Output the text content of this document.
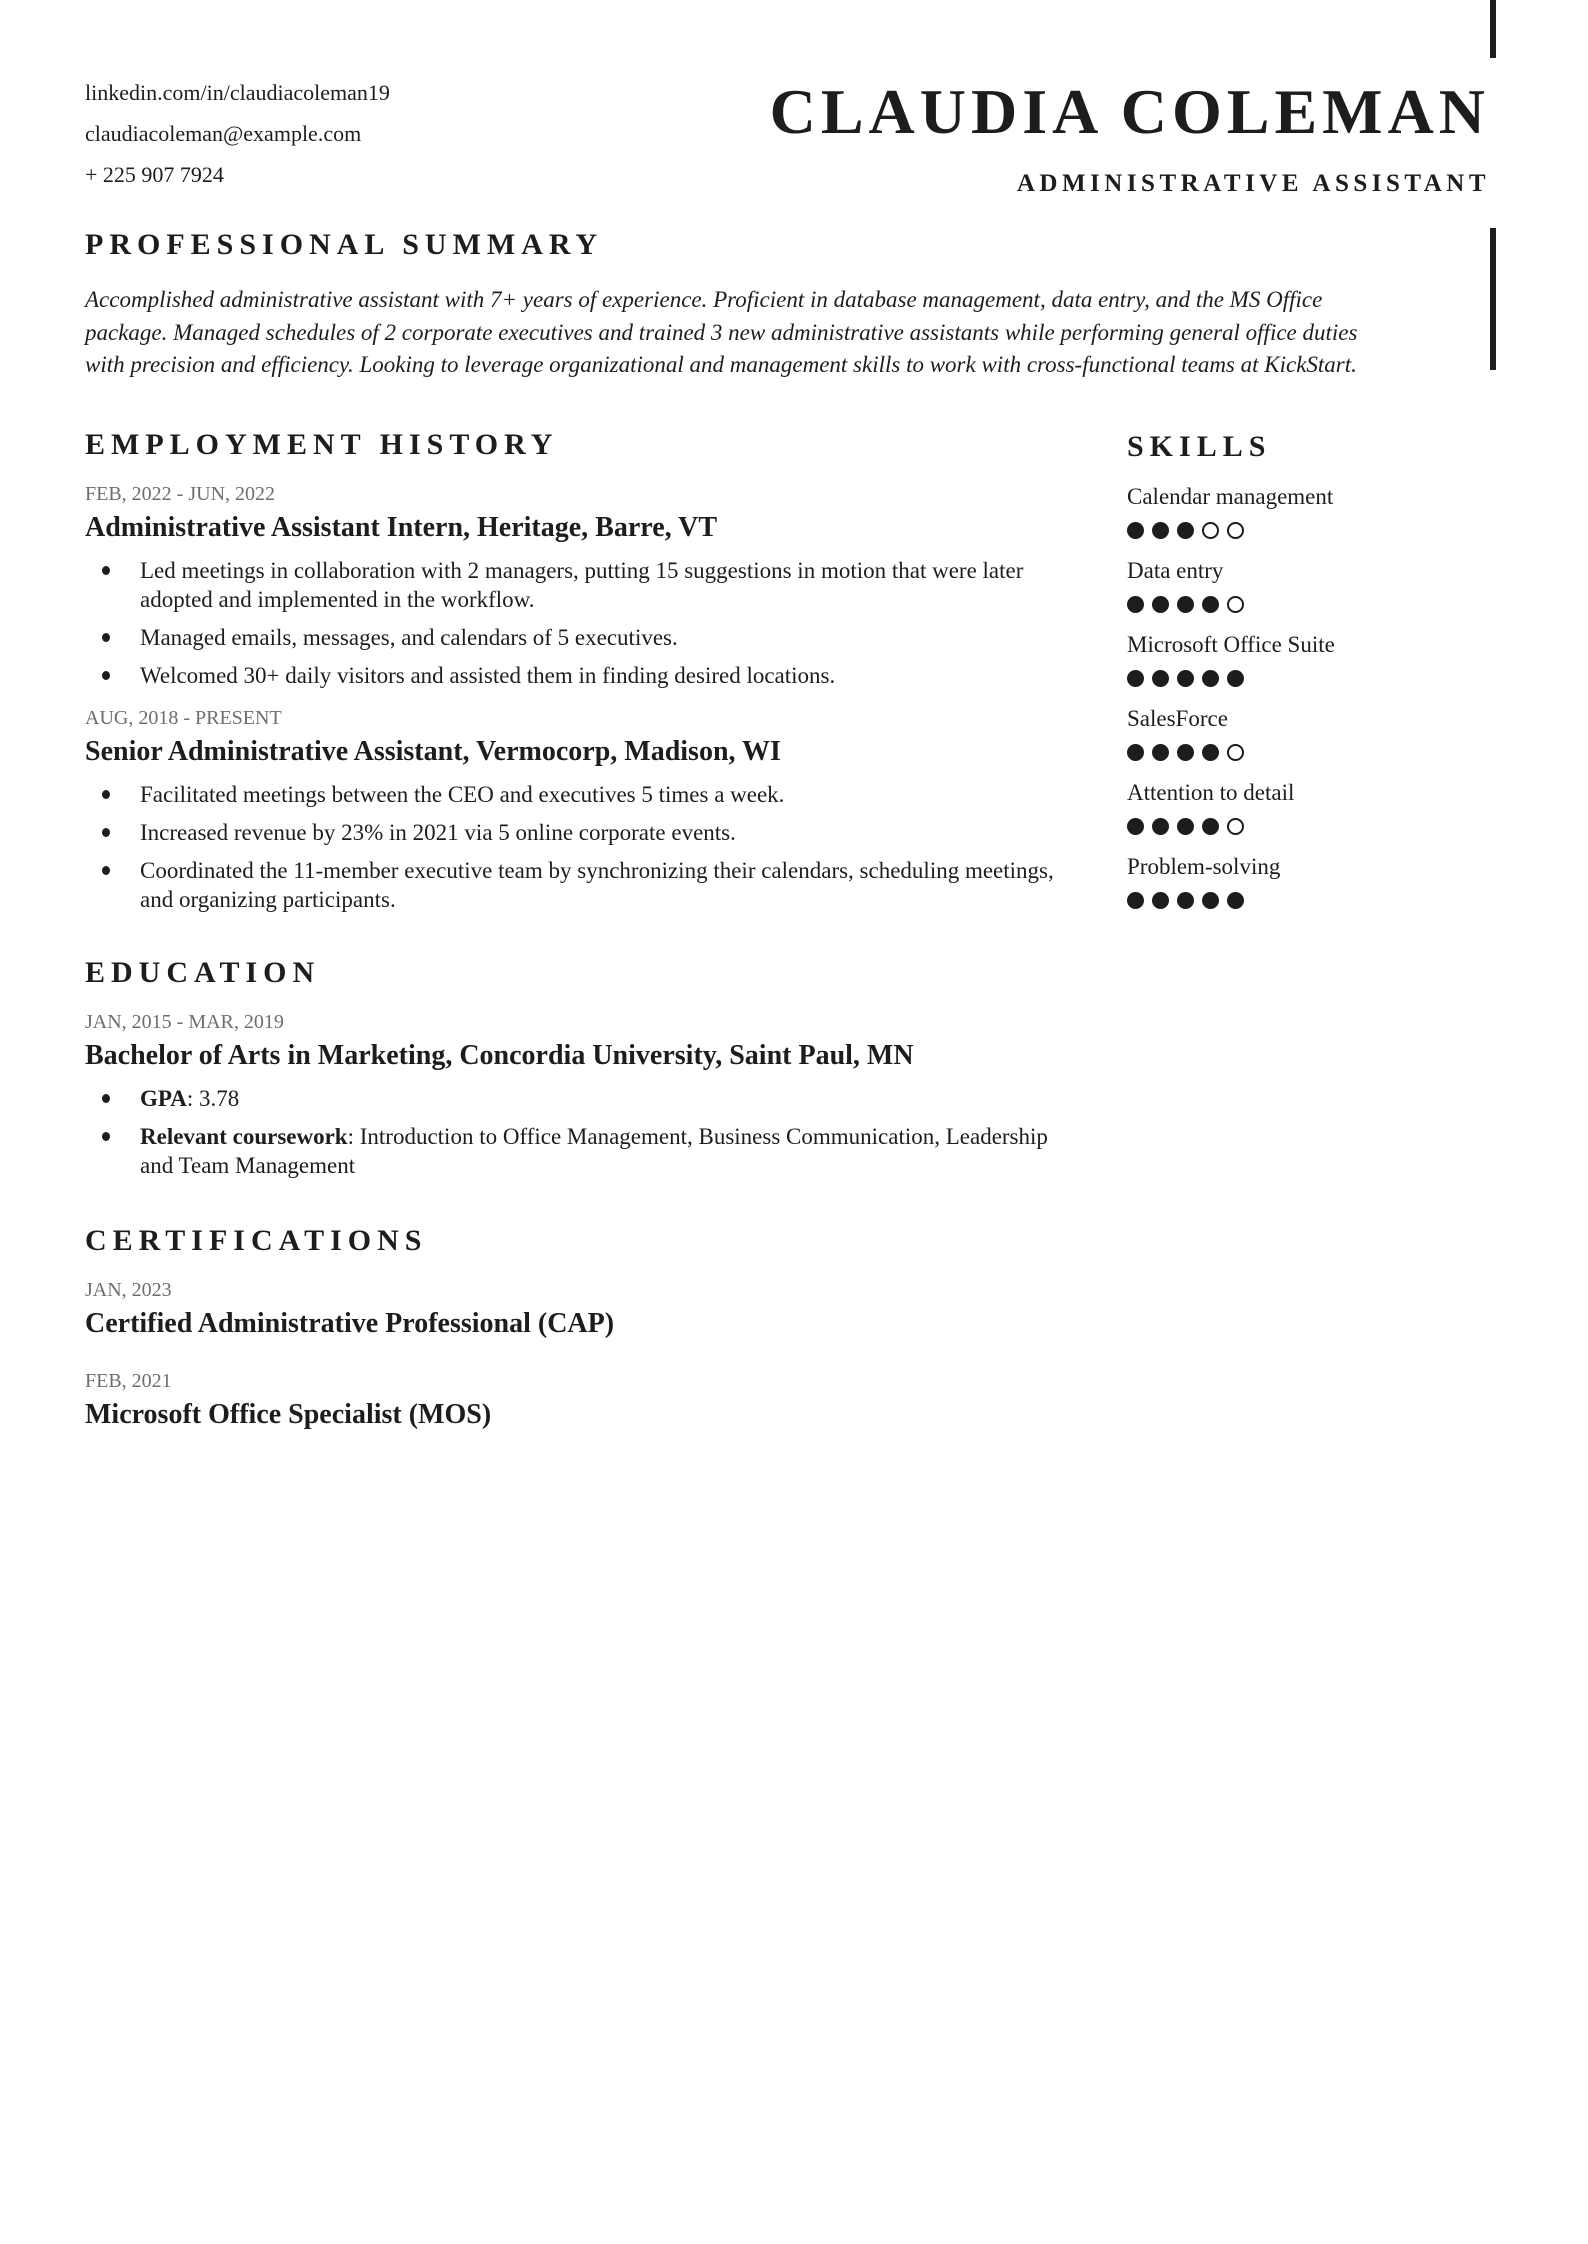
linkedin.com/in/claudiacoleman19
claudiacoleman@example.com
+ 225 907 7924
CLAUDIA COLEMAN
ADMINISTRATIVE ASSISTANT
PROFESSIONAL SUMMARY
Accomplished administrative assistant with 7+ years of experience. Proficient in database management, data entry, and the MS Office package. Managed schedules of 2 corporate executives and trained 3 new administrative assistants while performing general office duties with precision and efficiency. Looking to leverage organizational and management skills to work with cross-functional teams at KickStart.
EMPLOYMENT HISTORY
FEB, 2022 - JUN, 2022
Administrative Assistant Intern, Heritage, Barre, VT
Led meetings in collaboration with 2 managers, putting 15 suggestions in motion that were later adopted and implemented in the workflow.
Managed emails, messages, and calendars of 5 executives.
Welcomed 30+ daily visitors and assisted them in finding desired locations.
AUG, 2018 - PRESENT
Senior Administrative Assistant, Vermocorp, Madison, WI
Facilitated meetings between the CEO and executives 5 times a week.
Increased revenue by 23% in 2021 via 5 online corporate events.
Coordinated the 11-member executive team by synchronizing their calendars, scheduling meetings, and organizing participants.
EDUCATION
JAN, 2015 - MAR, 2019
Bachelor of Arts in Marketing, Concordia University, Saint Paul, MN
GPA: 3.78
Relevant coursework: Introduction to Office Management, Business Communication, Leadership and Team Management
CERTIFICATIONS
JAN, 2023
Certified Administrative Professional (CAP)
FEB, 2021
Microsoft Office Specialist (MOS)
SKILLS
Calendar management
Data entry
Microsoft Office Suite
SalesForce
Attention to detail
Problem-solving
